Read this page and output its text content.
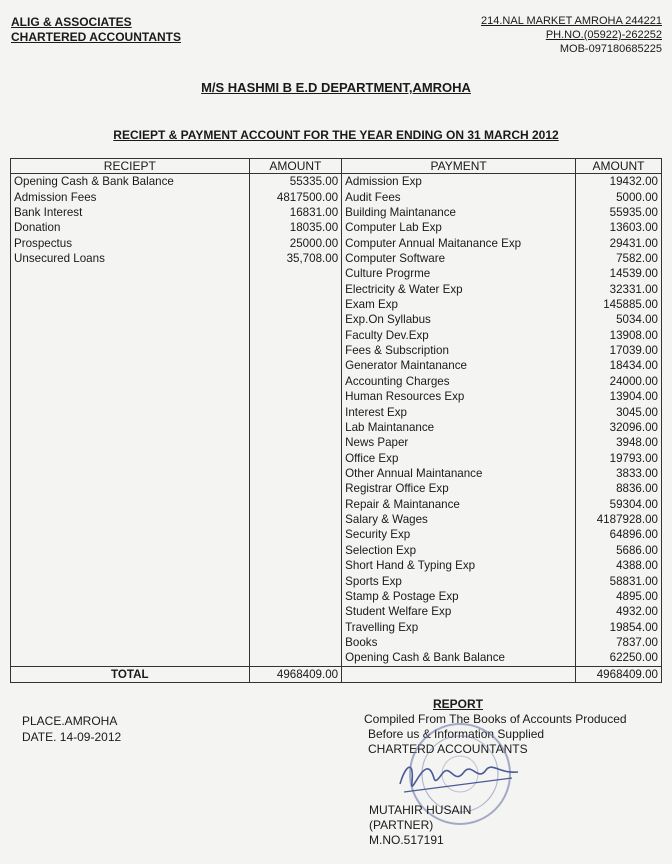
ALIG & ASSOCIATES
CHARTERED ACCOUNTANTS
214.NAL MARKET AMROHA 244221
PH.NO.(05922)-262252
MOB-097180685225
M/S HASHMI B E.D DEPARTMENT,AMROHA
RECIEPT & PAYMENT ACCOUNT FOR THE YEAR ENDING ON 31 MARCH 2012
RECIEPT	AMOUNT	PAYMENT	AMOUNT
Opening Cash & Bank Balance	55335.00	Admission Exp	19432.00
Admission Fees	4817500.00	Audit Fees	5000.00
Bank Interest	16831.00	Building Maintanance	55935.00
Donation	18035.00	Computer Lab Exp	13603.00
Prospectus	25000.00	Computer Annual Maitanance Exp	29431.00
Unsecured Loans	35,708.00	Computer Software	7582.00
		Culture Progrme	14539.00
		Electricity & Water Exp	32331.00
		Exam Exp	145885.00
		Exp.On Syllabus	5034.00
		Faculty Dev.Exp	13908.00
		Fees & Subscription	17039.00
		Generator Maintanance	18434.00
		Accounting Charges	24000.00
		Human Resources Exp	13904.00
		Interest Exp	3045.00
		Lab Maintanance	32096.00
		News Paper	3948.00
		Office Exp	19793.00
		Other Annual Maintanance	3833.00
		Registrar Office Exp	8836.00
		Repair & Maintanance	59304.00
		Salary & Wages	4187928.00
		Security Exp	64896.00
		Selection Exp	5686.00
		Short Hand & Typing Exp	4388.00
		Sports Exp	58831.00
		Stamp & Postage Exp	4895.00
		Student Welfare Exp	4932.00
		Travelling Exp	19854.00
		Books	7837.00
		Opening Cash & Bank Balance	62250.00
TOTAL	4968409.00		4968409.00
PLACE.AMROHA
DATE. 14-09-2012
REPORT
Compiled From The Books of Accounts Produced
Before us & Information Supplied
CHARTERD ACCOUNTANTS
MUTAHIR HUSAIN
(PARTNER)
M.NO.517191
